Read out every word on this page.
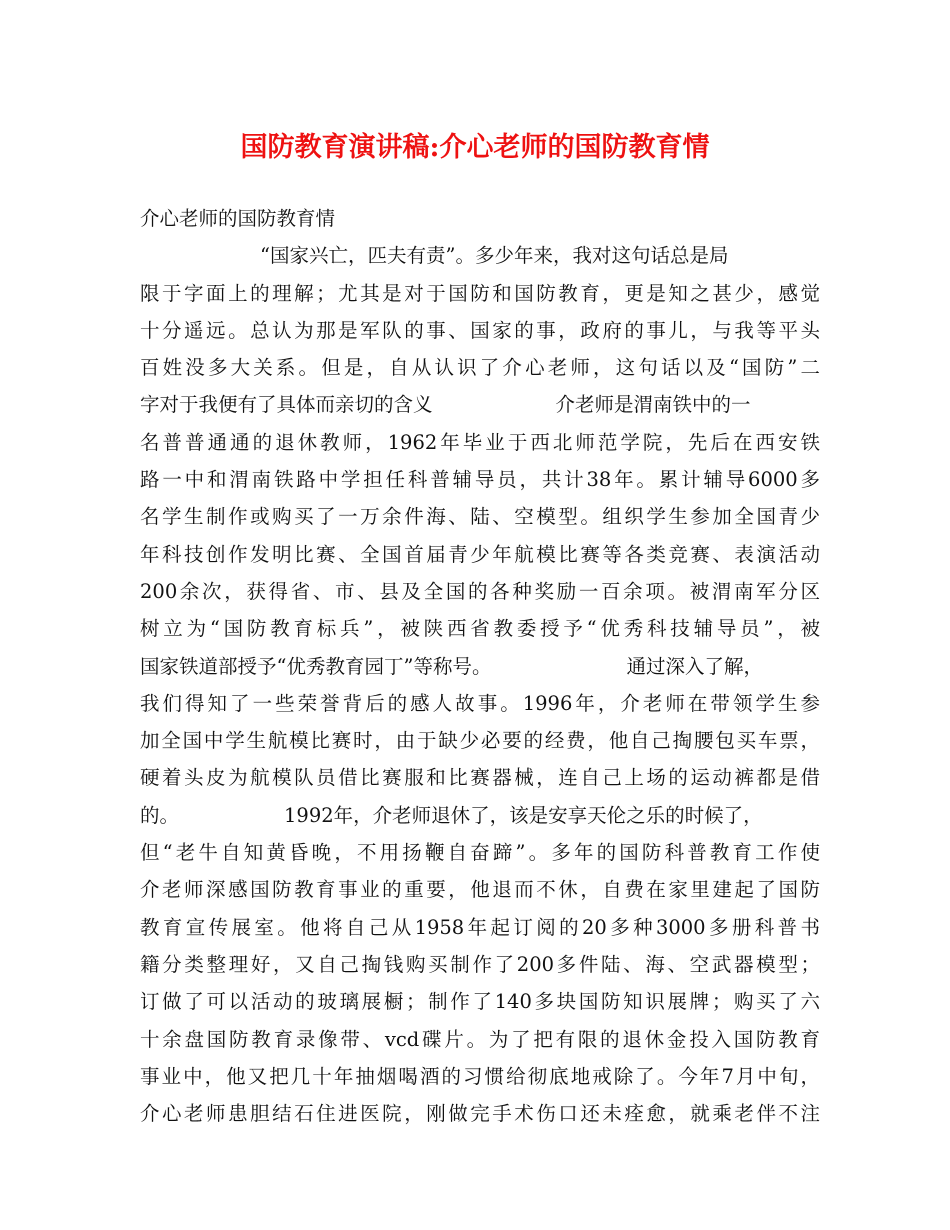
国防教育演讲稿:介心老师的国防教育情
介心老师的国防教育情
“国家兴亡，匹夫有责”。多少年来，我对这句话总是局
限于字面上的理解；尤其是对于国防和国防教育，更是知之甚少，感觉
十分遥远。总认为那是军队的事、国家的事，政府的事儿，与我等平头
百姓没多大关系。但是，自从认识了介心老师，这句话以及“国防”二
字对于我便有了具体而亲切的含义	介老师是渭南铁中的一
名普普通通的退休教师，1962年毕业于西北师范学院，先后在西安铁
路一中和渭南铁路中学担任科普辅导员，共计38年。累计辅导6000多
名学生制作或购买了一万余件海、陆、空模型。组织学生参加全国青少
年科技创作发明比赛、全国首届青少年航模比赛等各类竞赛、表演活动
200余次，获得省、市、县及全国的各种奖励一百余项。被渭南军分区
树立为“国防教育标兵”，被陕西省教委授予“优秀科技辅导员”，被
国家铁道部授予“优秀教育园丁”等称号。	通过深入了解，
我们得知了一些荣誉背后的感人故事。1996年，介老师在带领学生参
加全国中学生航模比赛时，由于缺少必要的经费，他自己掏腰包买车票，
硬着头皮为航模队员借比赛服和比赛器械，连自己上场的运动裤都是借
的。	1992年，介老师退休了，该是安享天伦之乐的时候了，
但“老牛自知黄昏晚，不用扬鞭自奋蹄”。多年的国防科普教育工作使
介老师深感国防教育事业的重要，他退而不休，自费在家里建起了国防
教育宣传展室。他将自己从1958年起订阅的20多种3000多册科普书
籍分类整理好，又自己掏钱购买制作了200多件陆、海、空武器模型；
订做了可以活动的玻璃展橱；制作了140多块国防知识展牌；购买了六
十余盘国防教育录像带、vcd碟片。为了把有限的退休金投入国防教育
事业中，他又把几十年抽烟喝酒的习惯给彻底地戒除了。今年7月中旬，
介心老师患胆结石住进医院，刚做完手术伤口还未痊愈，就乘老伴不注
